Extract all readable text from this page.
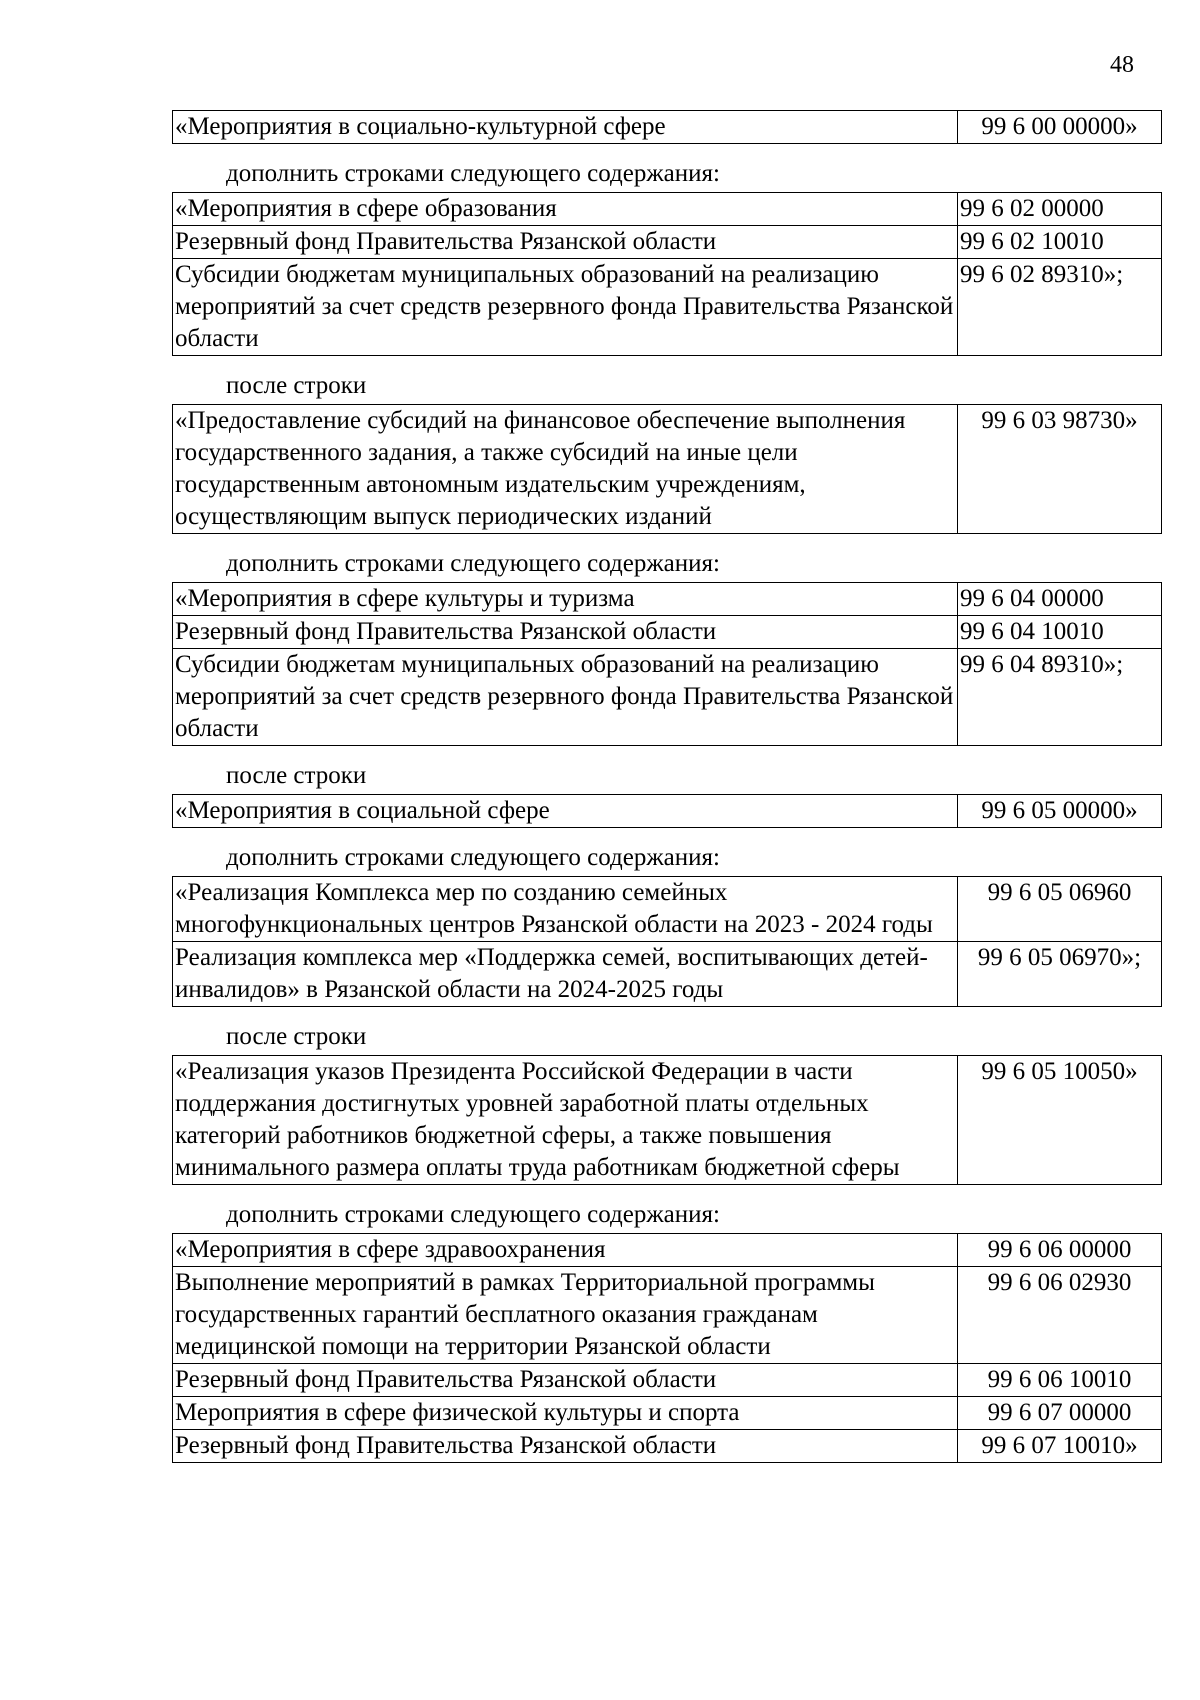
48
«Мероприятия в социально-культурной сфере	99 6 00 00000»
дополнить строками следующего содержания:
«Мероприятия в сфере образования	99 6 02 00000
Резервный фонд Правительства Рязанской области	99 6 02 10010
Субсидии бюджетам муниципальных образований на реализацию мероприятий за счет средств резервного фонда Правительства Рязанской области	99 6 02 89310»;
после строки
«Предоставление субсидий на финансовое обеспечение выполнения государственного задания, а также субсидий на иные цели государственным автономным издательским учреждениям, осуществляющим выпуск периодических изданий	99 6 03 98730»
дополнить строками следующего содержания:
«Мероприятия в сфере культуры и туризма	99 6 04 00000
Резервный фонд Правительства Рязанской области	99 6 04 10010
Субсидии бюджетам муниципальных образований на реализацию мероприятий за счет средств резервного фонда Правительства Рязанской области	99 6 04 89310»;
после строки
«Мероприятия в социальной сфере	99 6 05 00000»
дополнить строками следующего содержания:
«Реализация Комплекса мер по созданию семейных многофункциональных центров Рязанской области на 2023 - 2024 годы	99 6 05 06960
Реализация комплекса мер «Поддержка семей, воспитывающих детей-инвалидов» в Рязанской области на 2024-2025 годы	99 6 05 06970»;
после строки
«Реализация указов Президента Российской Федерации в части поддержания достигнутых уровней заработной платы отдельных категорий работников бюджетной сферы, а также повышения минимального размера оплаты труда работникам бюджетной сферы	99 6 05 10050»
дополнить строками следующего содержания:
«Мероприятия в сфере здравоохранения	99 6 06 00000
Выполнение мероприятий в рамках Территориальной программы государственных гарантий бесплатного оказания гражданам медицинской помощи на территории Рязанской области	99 6 06 02930
Резервный фонд Правительства Рязанской области	99 6 06 10010
Мероприятия в сфере физической культуры и спорта	99 6 07 00000
Резервный фонд Правительства Рязанской области	99 6 07 10010»
